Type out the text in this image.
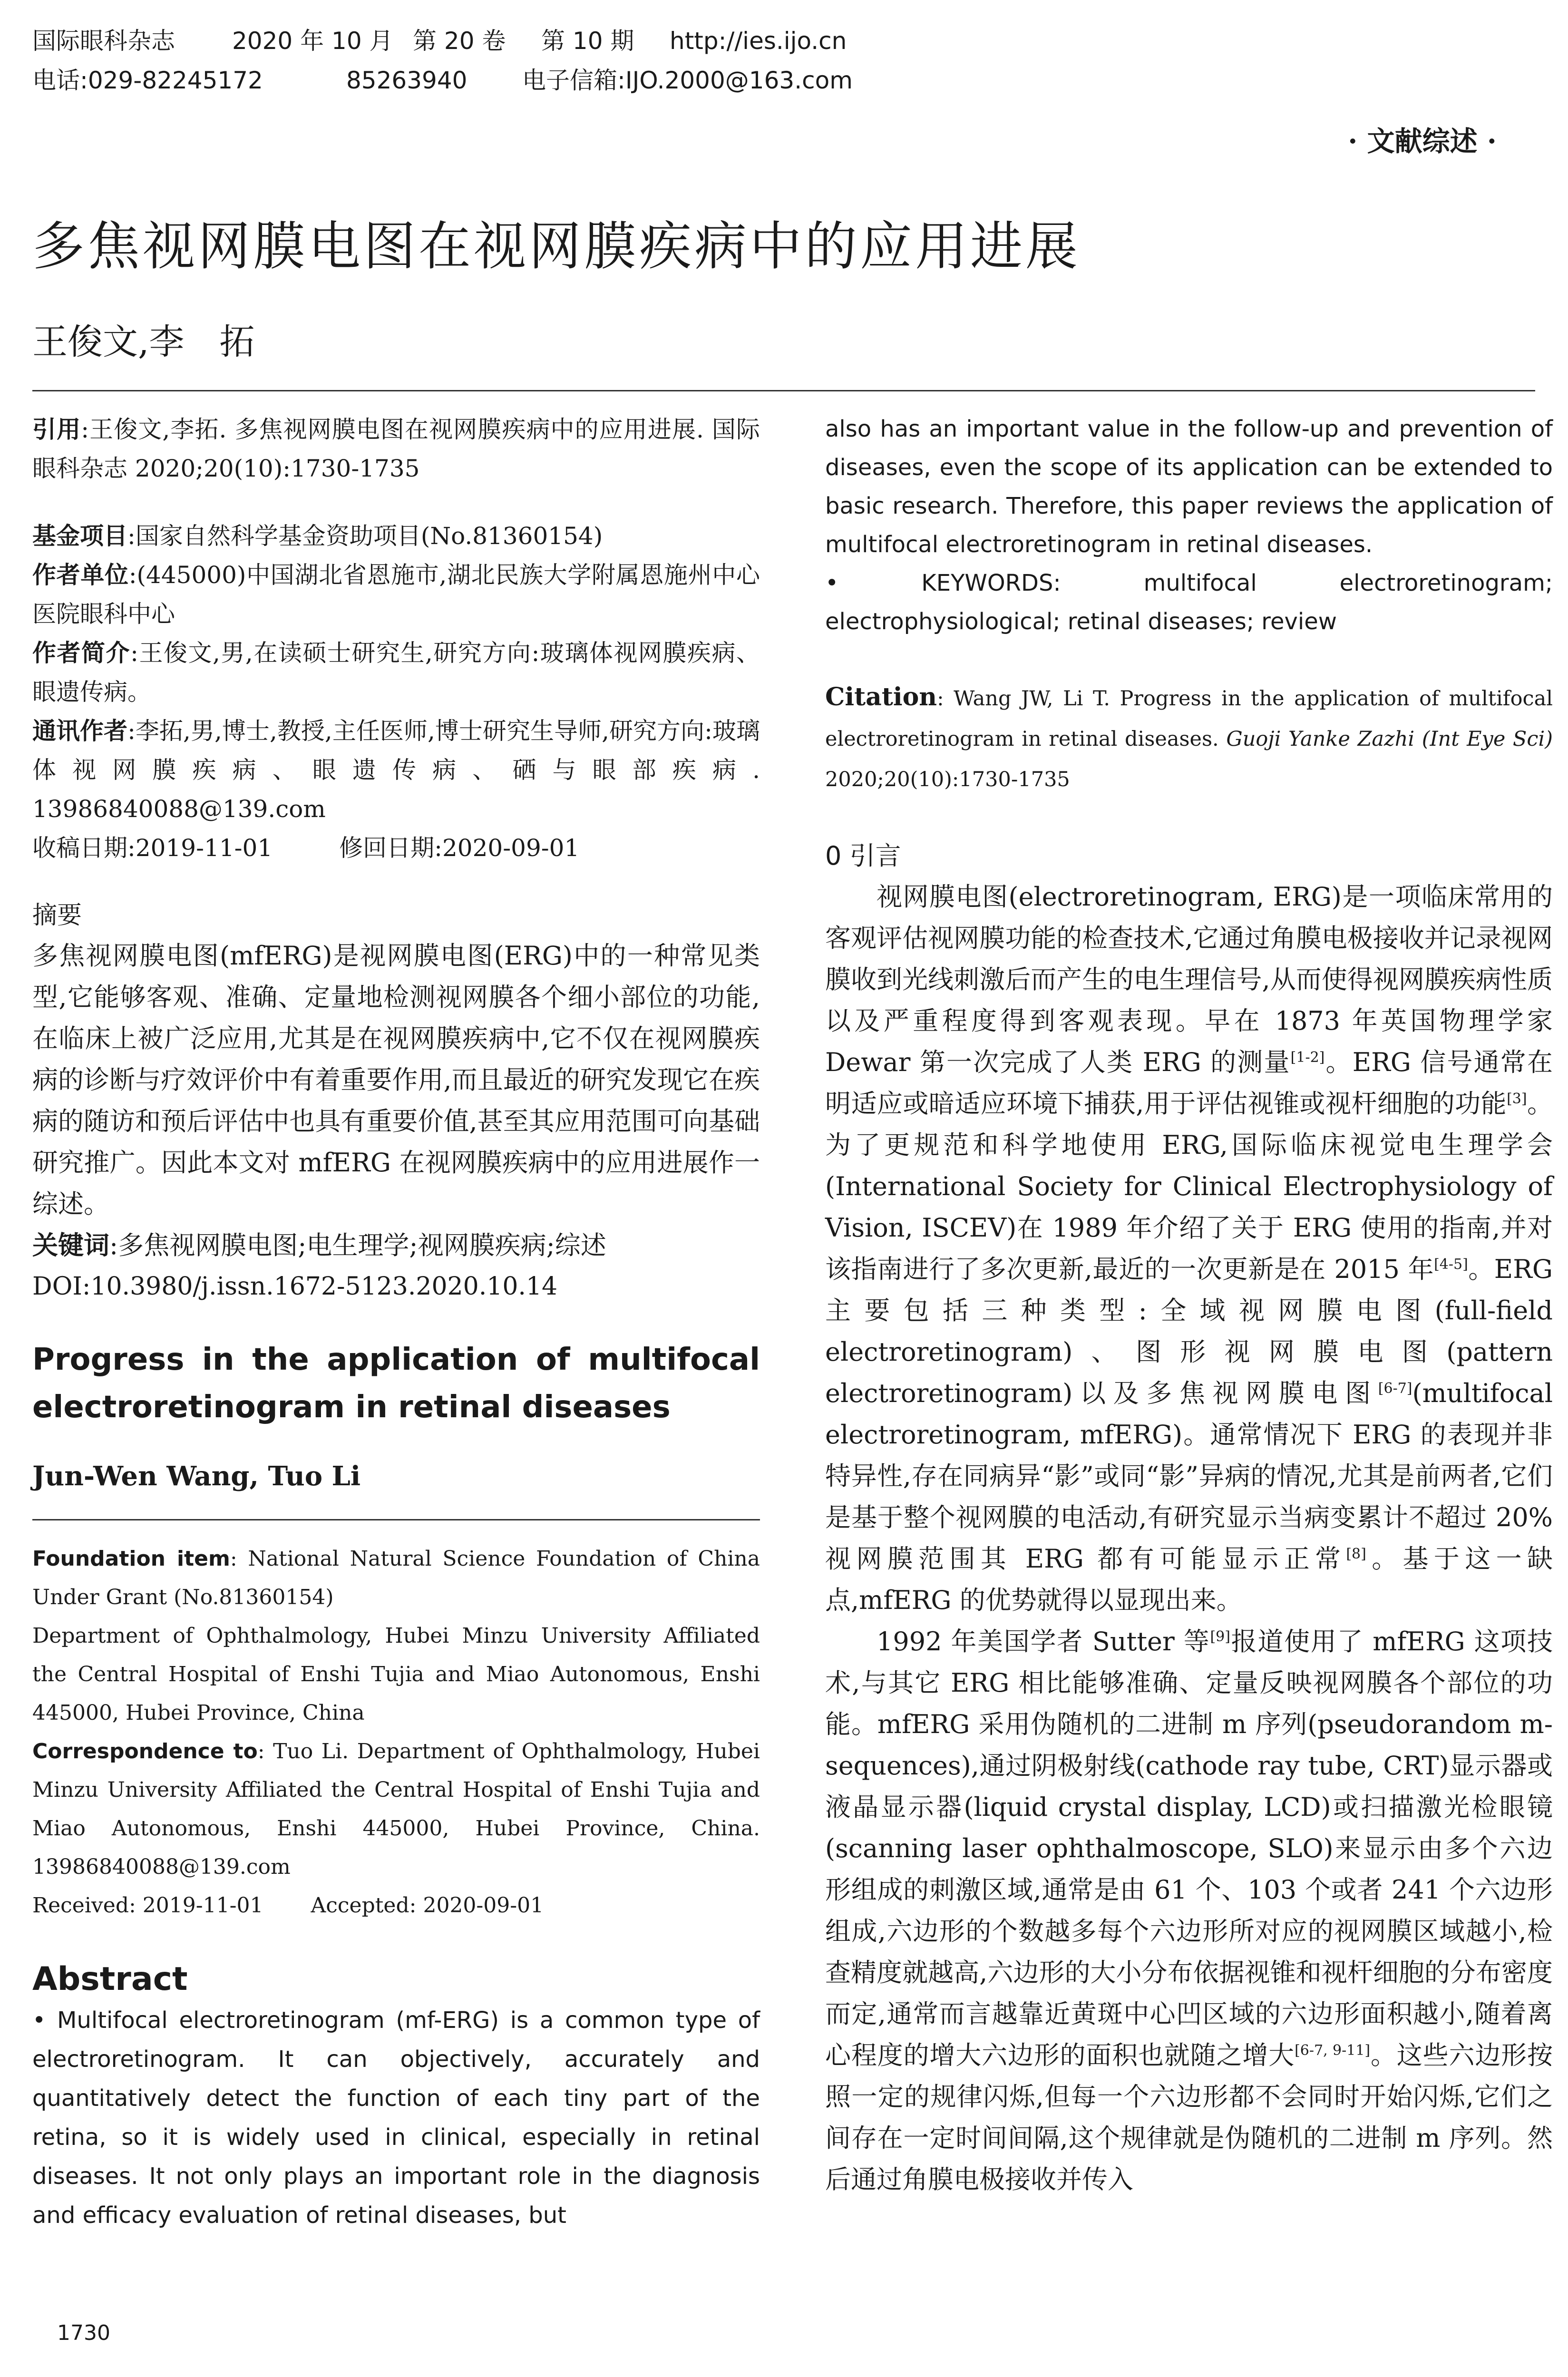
国际眼科杂志 2020 年 10 月 第 20 卷 第 10 期 http://ies.ijo.cn
电话:029-82245172	85263940 电子信箱:IJO.2000@163.com
· 文献综述 ·
多焦视网膜电图在视网膜疾病中的应用进展
王俊文,李　拓

引用:王俊文,李拓. 多焦视网膜电图在视网膜疾病中的应用进展. 国际眼科杂志 2020;20(10):1730-1735

基金项目:国家自然科学基金资助项目(No.81360154)

作者单位:(445000)中国湖北省恩施市,湖北民族大学附属恩施州中心医院眼科中心

作者简介:王俊文,男,在读硕士研究生,研究方向:玻璃体视网膜疾病、眼遗传病。

通讯作者:李拓,男,博士,教授,主任医师,博士研究生导师,研究方向:玻璃体视网膜疾病、眼遗传病、硒与眼部疾病. 13986840088@139.com

收稿日期:2019-11-01	修回日期:2020-09-01

摘要

多焦视网膜电图(mfERG)是视网膜电图(ERG)中的一种常见类型,它能够客观、准确、定量地检测视网膜各个细小部位的功能,在临床上被广泛应用,尤其是在视网膜疾病中,它不仅在视网膜疾病的诊断与疗效评价中有着重要作用,而且最近的研究发现它在疾病的随访和预后评估中也具有重要价值,甚至其应用范围可向基础研究推广。因此本文对 mfERG 在视网膜疾病中的应用进展作一综述。

关键词:多焦视网膜电图;电生理学;视网膜疾病;综述

DOI:10.3980/j.issn.1672-5123.2020.10.14

Progress in the application of multifocal electroretinogram in retinal diseases

Jun-Wen Wang, Tuo Li

Foundation item: National Natural Science Foundation of China Under Grant (No.81360154)

Department of Ophthalmology, Hubei Minzu University Affiliated the Central Hospital of Enshi Tujia and Miao Autonomous, Enshi 445000, Hubei Province, China

Correspondence to: Tuo Li. Department of Ophthalmology, Hubei Minzu University Affiliated the Central Hospital of Enshi Tujia and Miao Autonomous, Enshi 445000, Hubei Province, China. 13986840088@139.com

Received: 2019-11-01 Accepted: 2020-09-01

Abstract

• Multifocal electroretinogram (mf-ERG) is a common type of electroretinogram. It can objectively, accurately and quantitatively detect the function of each tiny part of the retina, so it is widely used in clinical, especially in retinal diseases. It not only plays an important role in the diagnosis and efficacy evaluation of retinal diseases, but

also has an important value in the follow-up and prevention of diseases, even the scope of its application can be extended to basic research. Therefore, this paper reviews the application of multifocal electroretinogram in retinal diseases.

• KEYWORDS: multifocal electroretinogram; electrophysiological; retinal diseases; review

Citation: Wang JW, Li T. Progress in the application of multifocal electroretinogram in retinal diseases. Guoji Yanke Zazhi (Int Eye Sci) 2020;20(10):1730-1735

0 引言

视网膜电图(electroretinogram, ERG)是一项临床常用的客观评估视网膜功能的检查技术,它通过角膜电极接收并记录视网膜收到光线刺激后而产生的电生理信号,从而使得视网膜疾病性质以及严重程度得到客观表现。早在 1873 年英国物理学家 Dewar 第一次完成了人类 ERG 的测量[1-2]。ERG 信号通常在明适应或暗适应环境下捕获,用于评估视锥或视杆细胞的功能[3]。为了更规范和科学地使用 ERG,国际临床视觉电生理学会(International Society for Clinical Electrophysiology of Vision, ISCEV)在 1989 年介绍了关于 ERG 使用的指南,并对该指南进行了多次更新,最近的一次更新是在 2015 年[4-5]。ERG 主要包括三种类型:全域视网膜电图(full-field electroretinogram)、图形视网膜电图(pattern electroretinogram)以及多焦视网膜电图[6-7](multifocal electroretinogram, mfERG)。通常情况下 ERG 的表现并非特异性,存在同病异“影”或同“影”异病的情况,尤其是前两者,它们是基于整个视网膜的电活动,有研究显示当病变累计不超过 20% 视网膜范围其 ERG 都有可能显示正常[8]。基于这一缺点,mfERG 的优势就得以显现出来。

1992 年美国学者 Sutter 等[9]报道使用了 mfERG 这项技术,与其它 ERG 相比能够准确、定量反映视网膜各个部位的功能。mfERG 采用伪随机的二进制 m 序列(pseudorandom m-sequences),通过阴极射线(cathode ray tube, CRT)显示器或液晶显示器(liquid crystal display, LCD)或扫描激光检眼镜(scanning laser ophthalmoscope, SLO)来显示由多个六边形组成的刺激区域,通常是由 61 个、103 个或者 241 个六边形组成,六边形的个数越多每个六边形所对应的视网膜区域越小,检查精度就越高,六边形的大小分布依据视锥和视杆细胞的分布密度而定,通常而言越靠近黄斑中心凹区域的六边形面积越小,随着离心程度的增大六边形的面积也就随之增大[6-7, 9-11]。这些六边形按照一定的规律闪烁,但每一个六边形都不会同时开始闪烁,它们之间存在一定时间间隔,这个规律就是伪随机的二进制 m 序列。然后通过角膜电极接收并传入

1730
